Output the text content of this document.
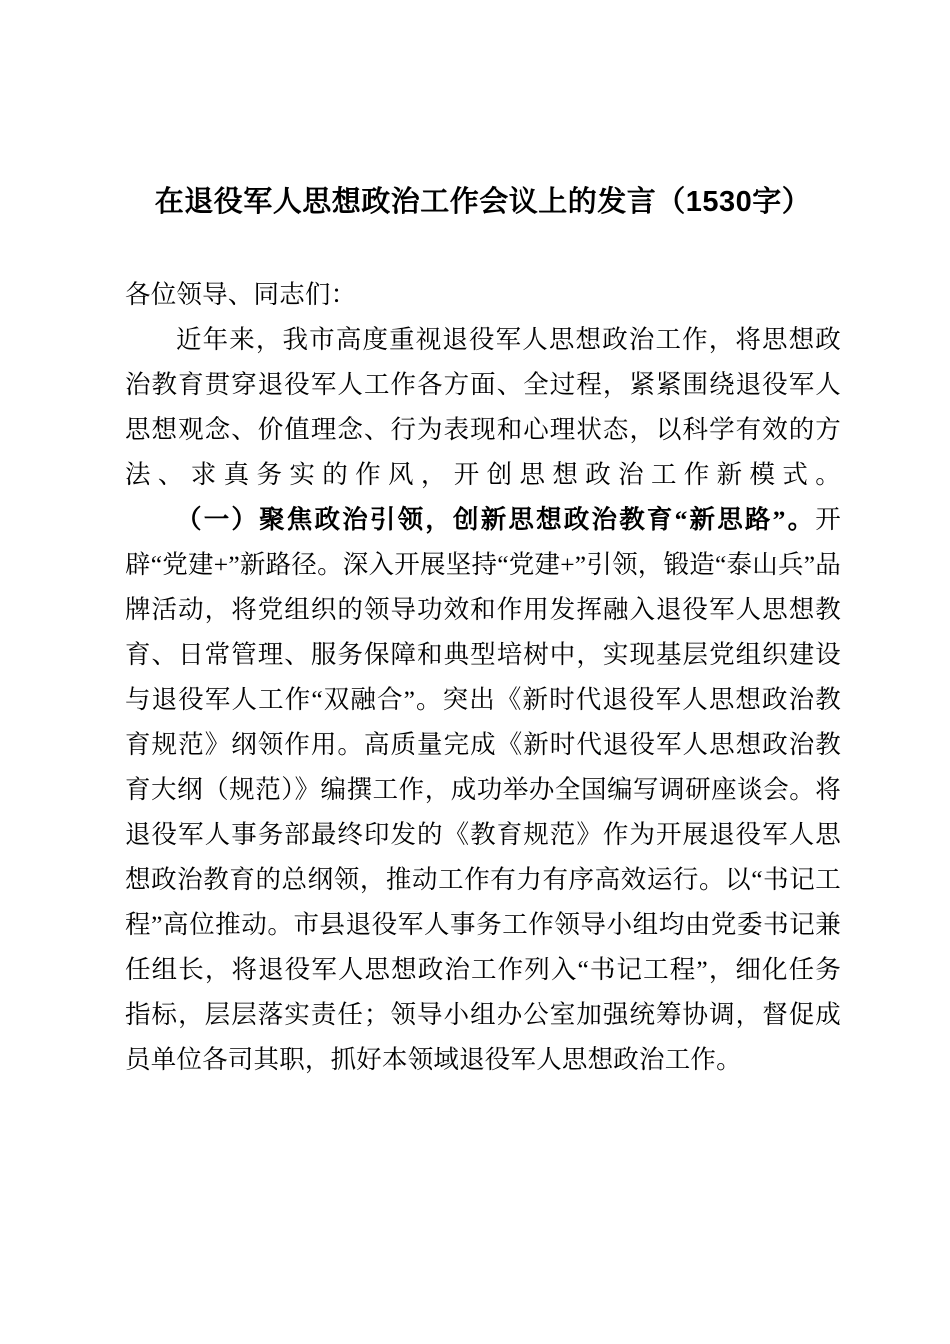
在退役军人思想政治工作会议上的发言（1530字）

各位领导、同志们：

近年来，我市高度重视退役军人思想政治工作，将思想政治教育贯穿退役军人工作各方面、全过程，紧紧围绕退役军人思想观念、价值理念、行为表现和心理状态，以科学有效的方法、求真务实的作风，开创思想政治工作新模式。

（一）聚焦政治引领，创新思想政治教育“新思路”。开辟“党建+”新路径。深入开展坚持“党建+”引领，锻造“泰山兵”品牌活动，将党组织的领导功效和作用发挥融入退役军人思想教育、日常管理、服务保障和典型培树中，实现基层党组织建设与退役军人工作“双融合”。突出《新时代退役军人思想政治教育规范》纲领作用。高质量完成《新时代退役军人思想政治教育大纲（规范）》编撰工作，成功举办全国编写调研座谈会。将退役军人事务部最终印发的《教育规范》作为开展退役军人思想政治教育的总纲领，推动工作有力有序高效运行。以“书记工程”高位推动。市县退役军人事务工作领导小组均由党委书记兼任组长，将退役军人思想政治工作列入“书记工程”，细化任务指标，层层落实责任；领导小组办公室加强统筹协调，督促成员单位各司其职，抓好本领域退役军人思想政治工作。
